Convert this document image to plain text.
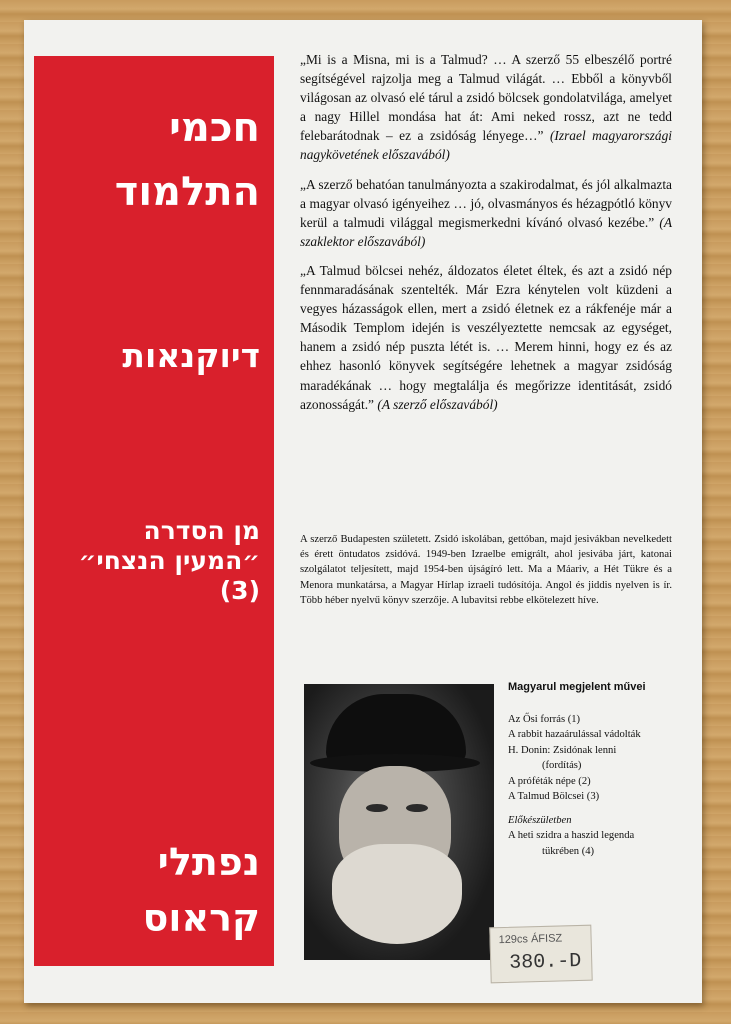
חכמי
התלמוד
דיוקנאות
מן הסדרה
״המעין הנצחי״
(3)
נפתלי
קראוס

„Mi is a Misna, mi is a Talmud? … A szerző 55 elbeszélő portré segítségével rajzolja meg a Talmud világát. … Ebből a könyvből világosan az olvasó elé tárul a zsidó bölcsek gondolatvilága, amelyet a nagy Hillel mondása hat át: Ami neked rossz, azt ne tedd felebarátodnak – ez a zsidóság lényege…” (Izrael magyarországi nagykövetének előszavából)

„A szerző behatóan tanulmányozta a szakirodalmat, és jól alkalmazta a magyar olvasó igényeihez … jó, olvasmányos és hézagpótló könyv kerül a talmudi világgal megismerkedni kívánó olvasó kezébe.” (A szaklektor előszavából)

„A Talmud bölcsei nehéz, áldozatos életet éltek, és azt a zsidó nép fennmaradásának szentelték. Már Ezra kénytelen volt küzdeni a vegyes házasságok ellen, mert a zsidó életnek ez a rákfenéje már a Második Templom idején is veszélyeztette nemcsak az egységet, hanem a zsidó nép puszta létét is. … Merem hinni, hogy ez és az ehhez hasonló könyvek segítségére lehetnek a magyar zsidóság maradékának … hogy megtalálja és megőrizze identitását, zsidó azonosságát.” (A szerző előszavából)

A szerző Budapesten született. Zsidó iskolában, gettóban, majd jesivákban nevelkedett és érett öntudatos zsidóvá. 1949-ben Izraelbe emigrált, ahol jesivába járt, katonai szolgálatot teljesített, majd 1954-ben újságíró lett. Ma a Máariv, a Hét Tükre és a Menora munkatársa, a Magyar Hírlap izraeli tudósítója. Angol és jiddis nyelven is ír. Több héber nyelvű könyv szerzője. A lubavitsi rebbe elkötelezett híve.
Magyarul megjelent művei
Az Ősi forrás (1)
A rabbit hazaárulással vádolták
H. Donin: Zsidónak lenni
(fordítás)
A próféták népe (2)
A Talmud Bölcsei (3)
Előkészületben
A heti szidra a haszid legenda
tükrében (4)
129cs ÁFISZ
380.-D
